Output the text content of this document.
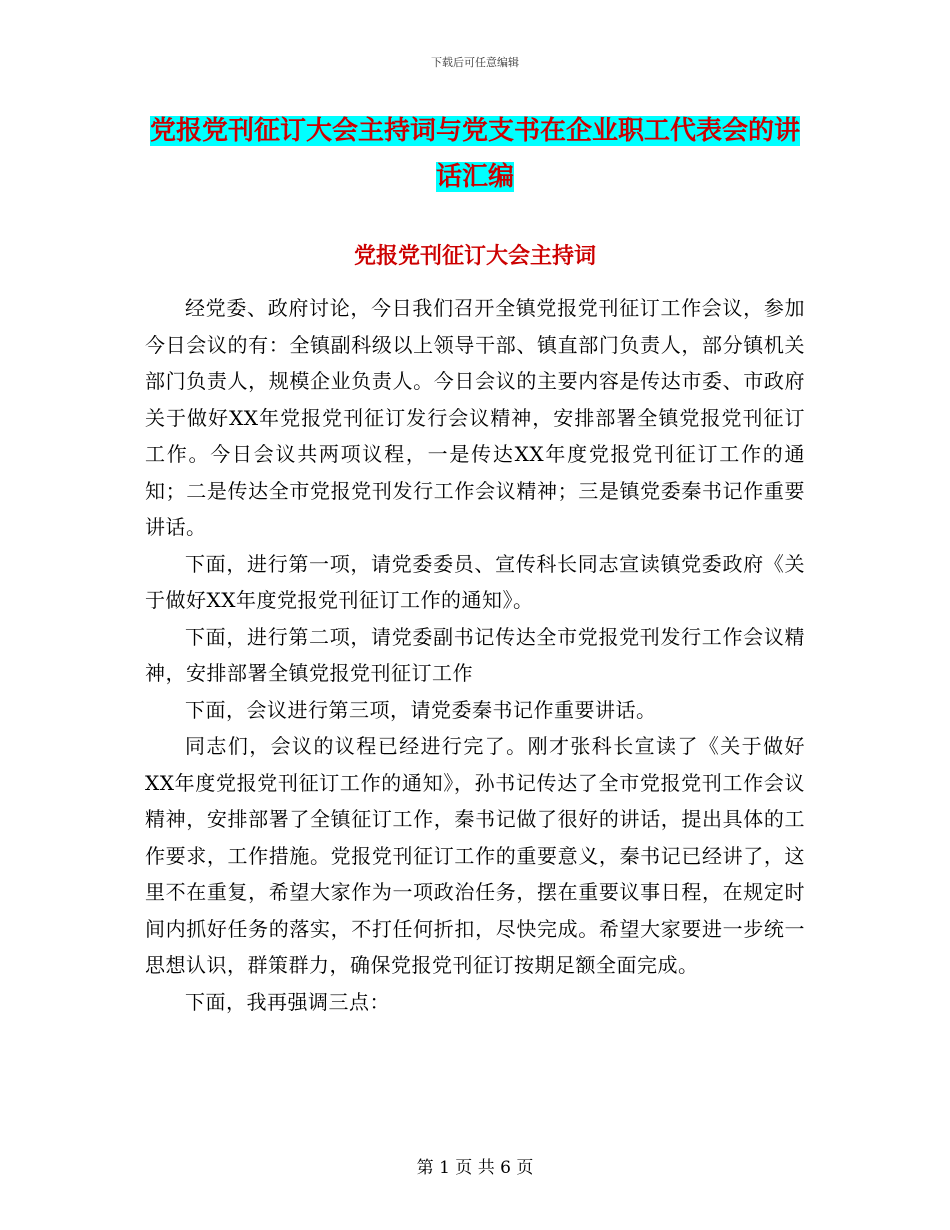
下载后可任意编辑
党报党刊征订大会主持词与党支书在企业职工代表会的讲话汇编
党报党刊征订大会主持词

经党委、政府讨论，今日我们召开全镇党报党刊征订工作会议，参加今日会议的有：全镇副科级以上领导干部、镇直部门负责人，部分镇机关部门负责人，规模企业负责人。今日会议的主要内容是传达市委、市政府关于做好XX年党报党刊征订发行会议精神，安排部署全镇党报党刊征订工作。今日会议共两项议程，一是传达XX年度党报党刊征订工作的通知；二是传达全市党报党刊发行工作会议精神；三是镇党委秦书记作重要讲话。

下面，进行第一项，请党委委员、宣传科长同志宣读镇党委政府《关于做好XX年度党报党刊征订工作的通知》。

下面，进行第二项，请党委副书记传达全市党报党刊发行工作会议精神，安排部署全镇党报党刊征订工作

下面，会议进行第三项，请党委秦书记作重要讲话。

同志们，会议的议程已经进行完了。刚才张科长宣读了《关于做好XX年度党报党刊征订工作的通知》，孙书记传达了全市党报党刊工作会议精神，安排部署了全镇征订工作，秦书记做了很好的讲话，提出具体的工作要求，工作措施。党报党刊征订工作的重要意义，秦书记已经讲了，这里不在重复，希望大家作为一项政治任务，摆在重要议事日程，在规定时间内抓好任务的落实，不打任何折扣，尽快完成。希望大家要进一步统一思想认识，群策群力，确保党报党刊征订按期足额全面完成。

下面，我再强调三点：

第 1 页 共 6 页
